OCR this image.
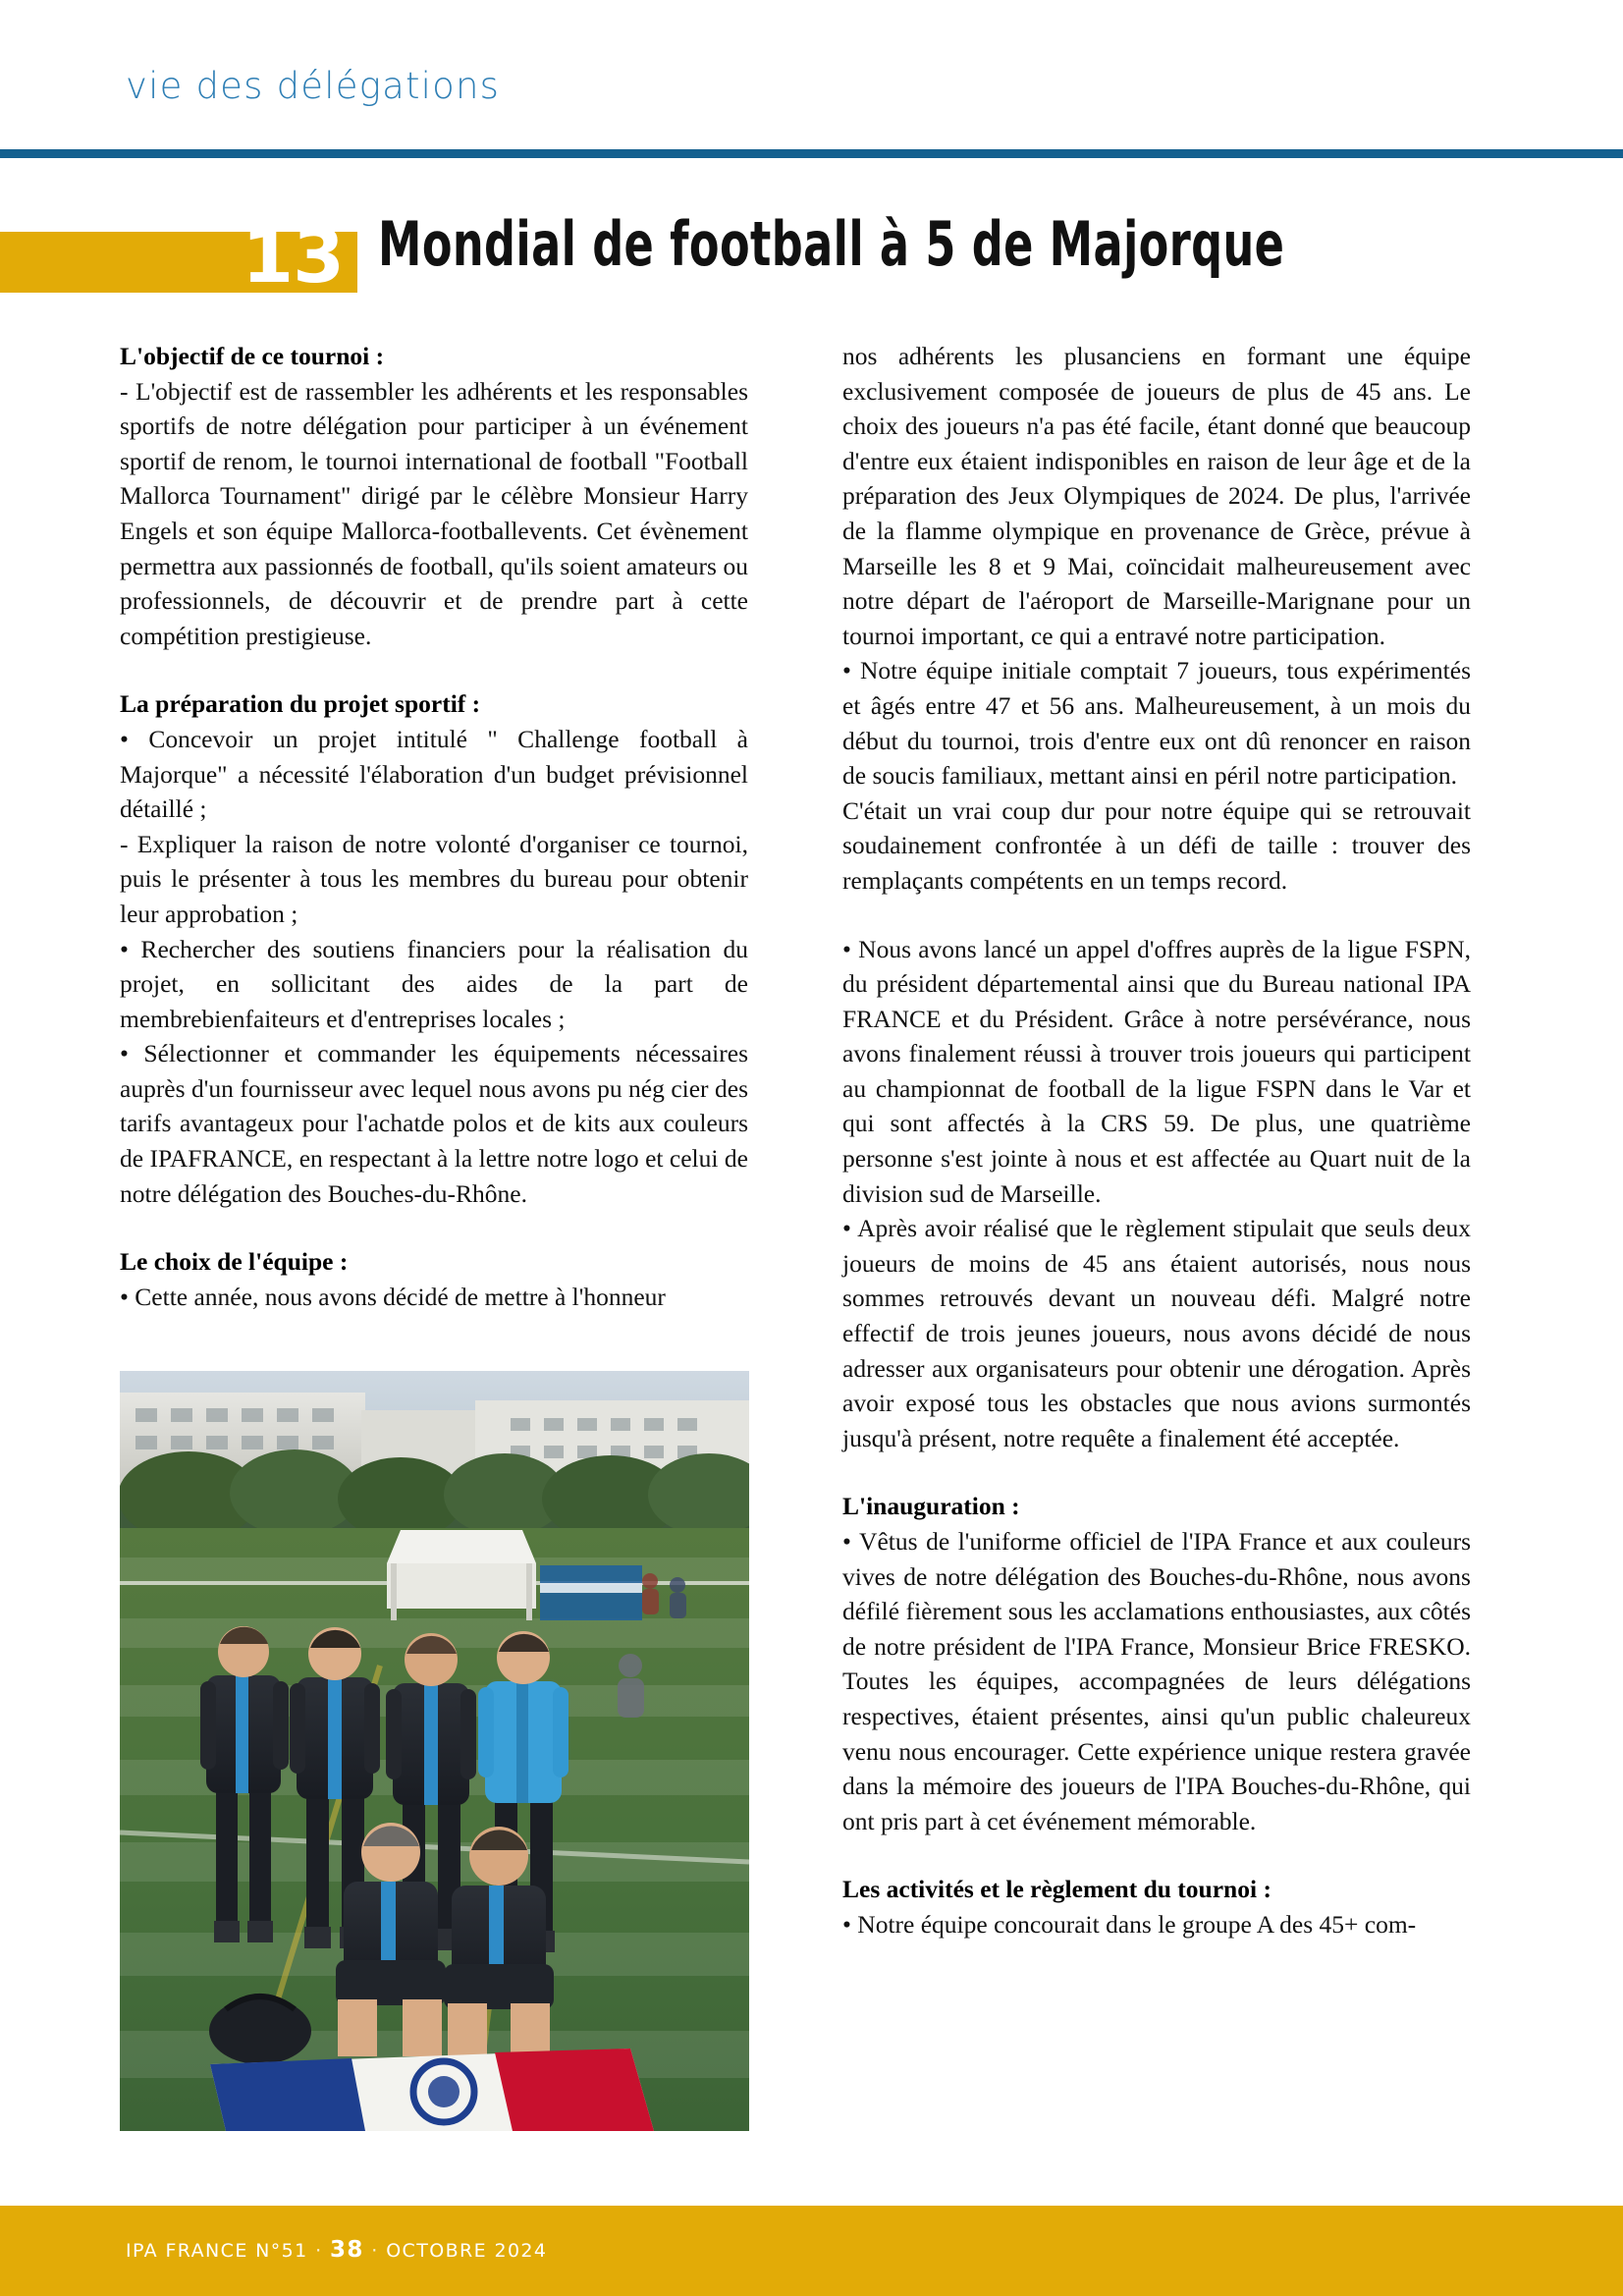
vie des délégations
13 Mondial de football à 5 de Majorque
L'objectif de ce tournoi :

- L'objectif est de rassembler les adhérents et les responsables sportifs de notre délégation pour participer à un événement sportif de renom, le tournoi international de football "Football Mallorca Tournament" dirigé par le célèbre Monsieur Harry Engels et son équipe Mallorca-footballevents. Cet évènement permettra aux passionnés de football, qu'ils soient amateurs ou professionnels, de découvrir et de prendre part à cette compétition prestigieuse.

La préparation du projet sportif :

• Concevoir un projet intitulé " Challenge football à Majorque" a nécessité l'élaboration d'un budget prévisionnel détaillé ;

- Expliquer la raison de notre volonté d'organiser ce tournoi, puis le présenter à tous les membres du bureau pour obtenir leur approbation ;

• Rechercher des soutiens financiers pour la réalisation du projet, en sollicitant des aides de la part de membrebienfaiteurs et d'entreprises locales ;

• Sélectionner et commander les équipements nécessaires auprès d'un fournisseur avec lequel nous avons pu nég cier des tarifs avantageux pour l'achatde polos et de kits aux couleurs de IPAFRANCE, en respectant à la lettre notre logo et celui de notre délégation des Bouches-du-Rhône.

Le choix de l'équipe :

• Cette année, nous avons décidé de mettre à l'honneur

nos adhérents les plusanciens en formant une équipe exclusivement composée de joueurs de plus de 45 ans. Le choix des joueurs n'a pas été facile, étant donné que beaucoup d'entre eux étaient indisponibles en raison de leur âge et de la préparation des Jeux Olympiques de 2024. De plus, l'arrivée de la flamme olympique en provenance de Grèce, prévue à Marseille les 8 et 9 Mai, coïncidait malheureusement avec notre départ de l'aéroport de Marseille-Marignane pour un tournoi important, ce qui a entravé notre participation.

• Notre équipe initiale comptait 7 joueurs, tous expérimentés et âgés entre 47 et 56 ans. Malheureusement, à un mois du début du tournoi, trois d'entre eux ont dû renoncer en raison de soucis familiaux, mettant ainsi en péril notre participation.

C'était un vrai coup dur pour notre équipe qui se retrouvait soudainement confrontée à un défi de taille : trouver des remplaçants compétents en un temps record.

• Nous avons lancé un appel d'offres auprès de la ligue FSPN, du président départemental ainsi que du Bureau national IPA FRANCE et du Président. Grâce à notre persévérance, nous avons finalement réussi à trouver trois joueurs qui participent au championnat de football de la ligue FSPN dans le Var et qui sont affectés à la CRS 59. De plus, une quatrième personne s'est jointe à nous et est affectée au Quart nuit de la division sud de Marseille.

• Après avoir réalisé que le règlement stipulait que seuls deux joueurs de moins de 45 ans étaient autorisés, nous nous sommes retrouvés devant un nouveau défi. Malgré notre effectif de trois jeunes joueurs, nous avons décidé de nous adresser aux organisateurs pour obtenir une dérogation. Après avoir exposé tous les obstacles que nous avions surmontés jusqu'à présent, notre requête a finalement été acceptée.

L'inauguration :

• Vêtus de l'uniforme officiel de l'IPA France et aux couleurs vives de notre délégation des Bouches-du-Rhône, nous avons défilé fièrement sous les acclamations enthousiastes, aux côtés de notre président de l'IPA France, Monsieur Brice FRESKO. Toutes les équipes, accompagnées de leurs délégations respectives, étaient présentes, ainsi qu'un public chaleureux venu nous encourager. Cette expérience unique restera gravée dans la mémoire des joueurs de l'IPA Bouches-du-Rhône, qui ont pris part à cet événement mémorable.

Les activités et le règlement du tournoi :

• Notre équipe concourait dans le groupe A des 45+ com-

IPA FRANCE N°51 · 38 · OCTOBRE 2024
